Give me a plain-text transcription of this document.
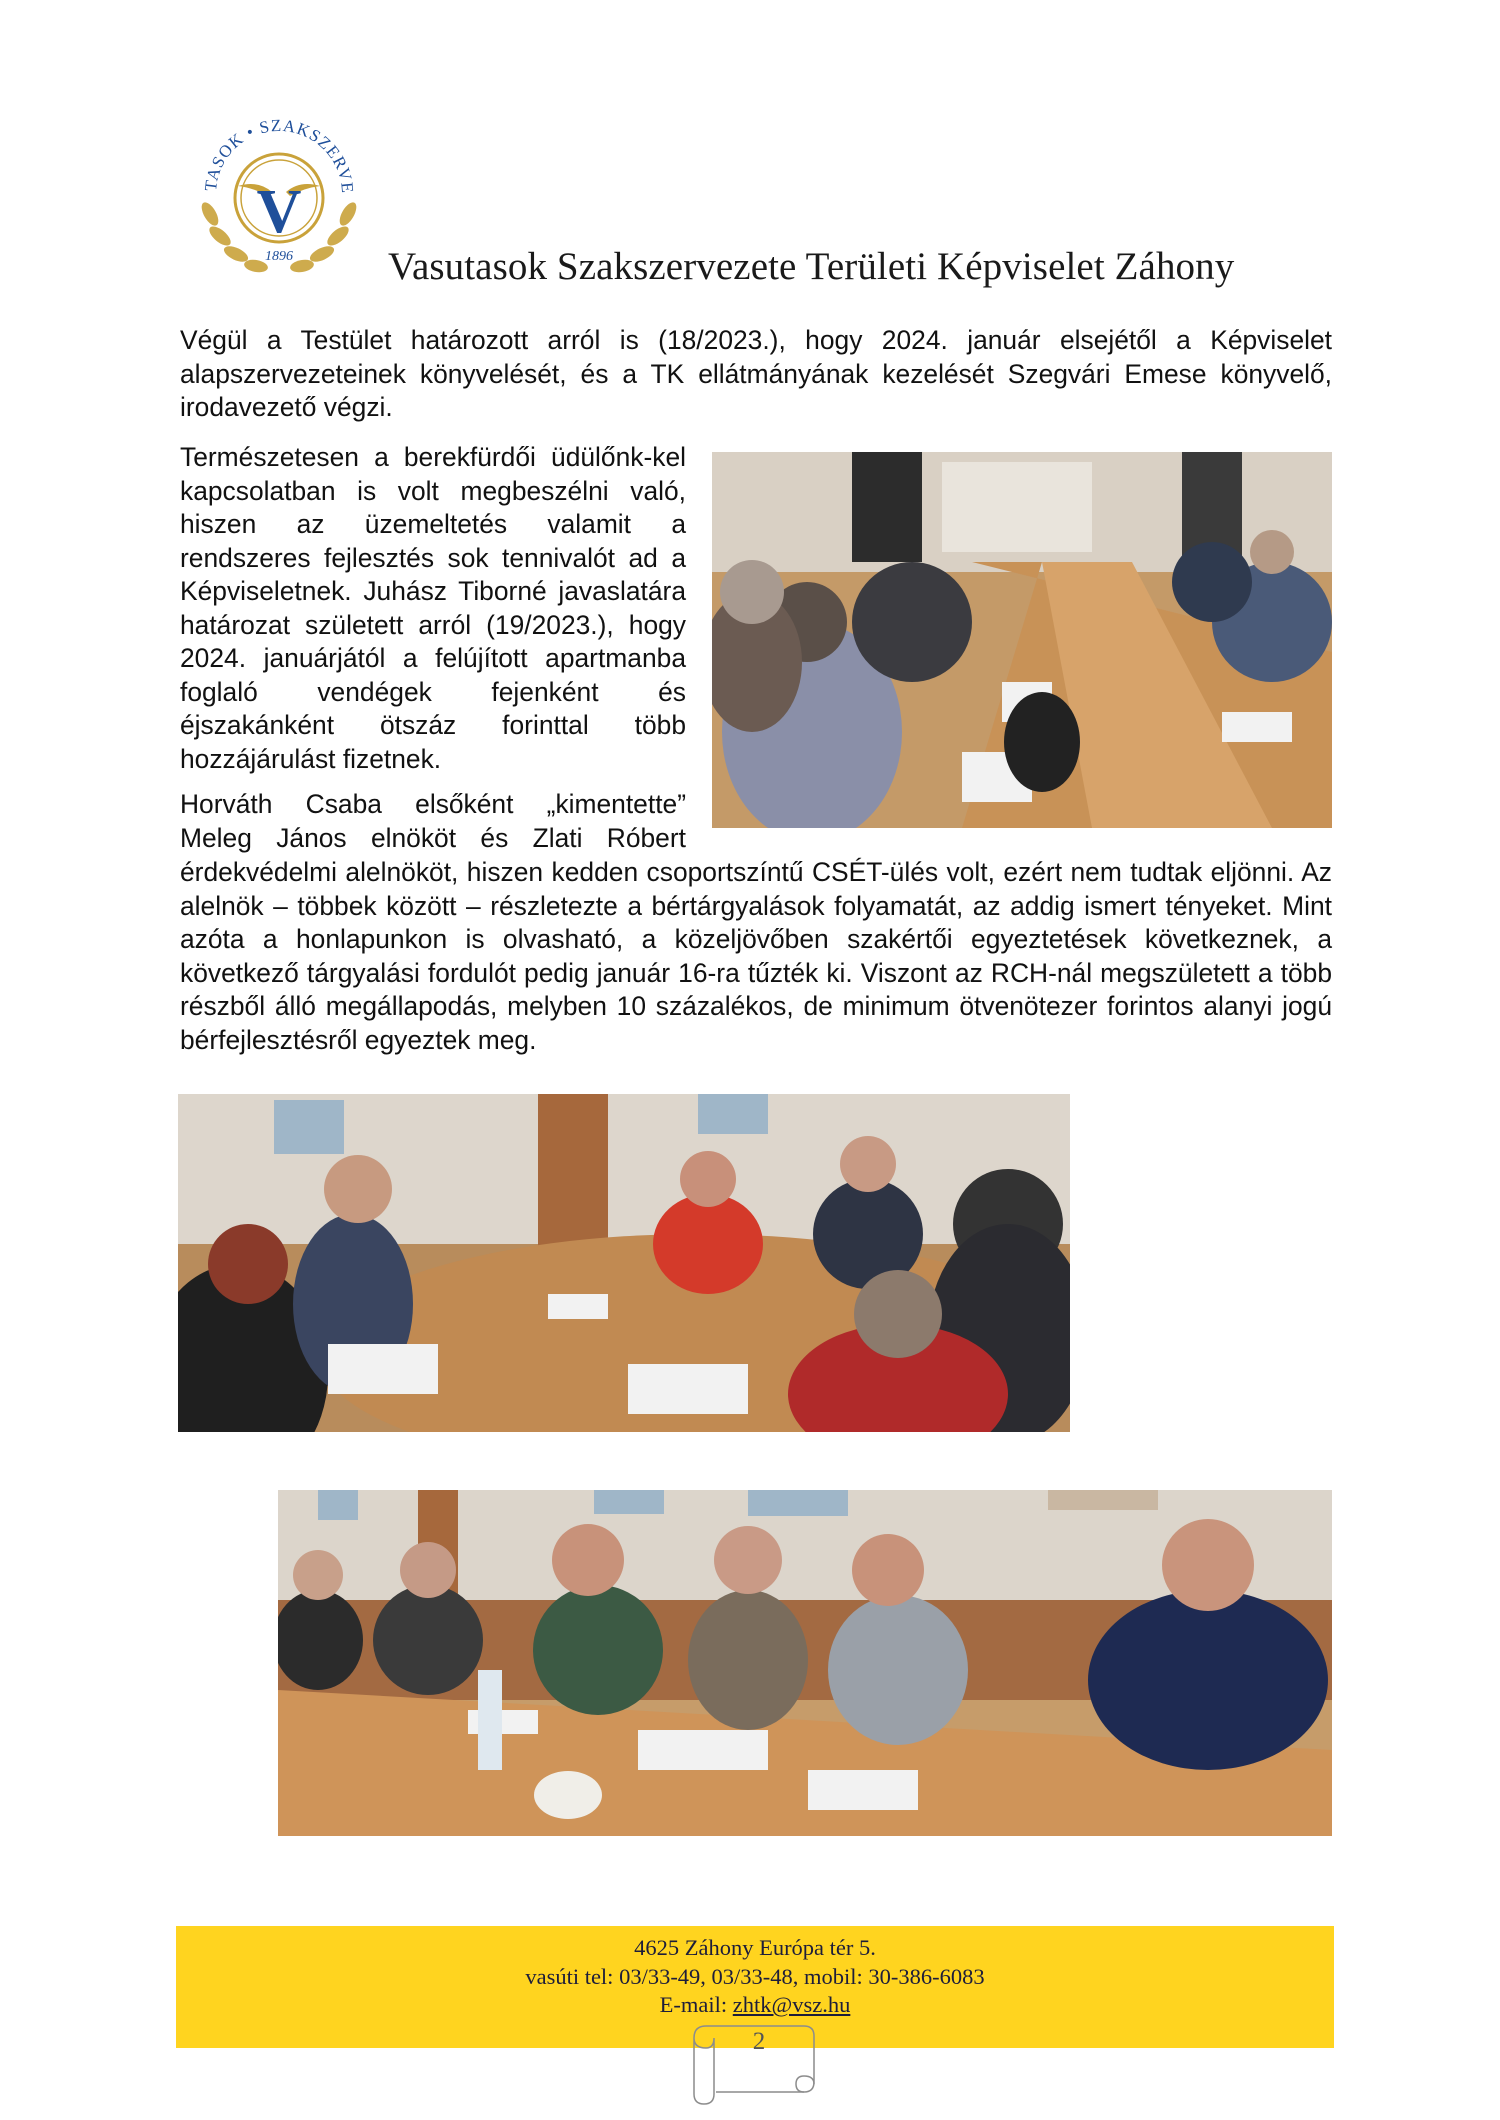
V
TASOK • SZAKSZERVE
1896 Vasutasok Szakszervezete Területi Képviselet Záhony

Végül a Testület határozott arról is (18/2023.), hogy 2024. január elsejétől a Képviselet alapszervezeteinek könyvelését, és a TK ellátmányának kezelését Szegvári Emese könyvelő, irodavezető végzi.

Természetesen a berekfürdői üdülőnk-kel kapcsolatban is volt megbeszélni való, hiszen az üzemeltetés valamit a rendszeres fejlesztés sok tennivalót ad a Képviseletnek. Juhász Tiborné javaslatára határozat született arról (19/2023.), hogy 2024. januárjától a felújított apartmanba foglaló vendégek fejenként és éjszakánként ötszáz forinttal több hozzájárulást fizetnek.

Horváth Csaba elsőként „kimentette” Meleg János elnököt és Zlati Róbert

érdekvédelmi alelnököt, hiszen kedden csoportszíntű CSÉT-ülés volt, ezért nem tudtak eljönni. Az alelnök – többek között – részletezte a bértárgyalások folyamatát, az addig ismert tényeket. Mint azóta a honlapunkon is olvasható, a közeljövőben szakértői egyeztetések következnek, a következő tárgyalási fordulót pedig január 16-ra tűzték ki. Viszont az RCH-nál megszületett a több részből álló megállapodás, melyben 10 százalékos, de minimum ötvenötezer forintos alanyi jogú bérfejlesztésről egyeztek meg.

4625 Záhony Európa tér 5.
vasúti tel: 03/33-49, 03/33-48, mobil: 30-386-6083
E-mail: zhtk@vsz.hu
2
